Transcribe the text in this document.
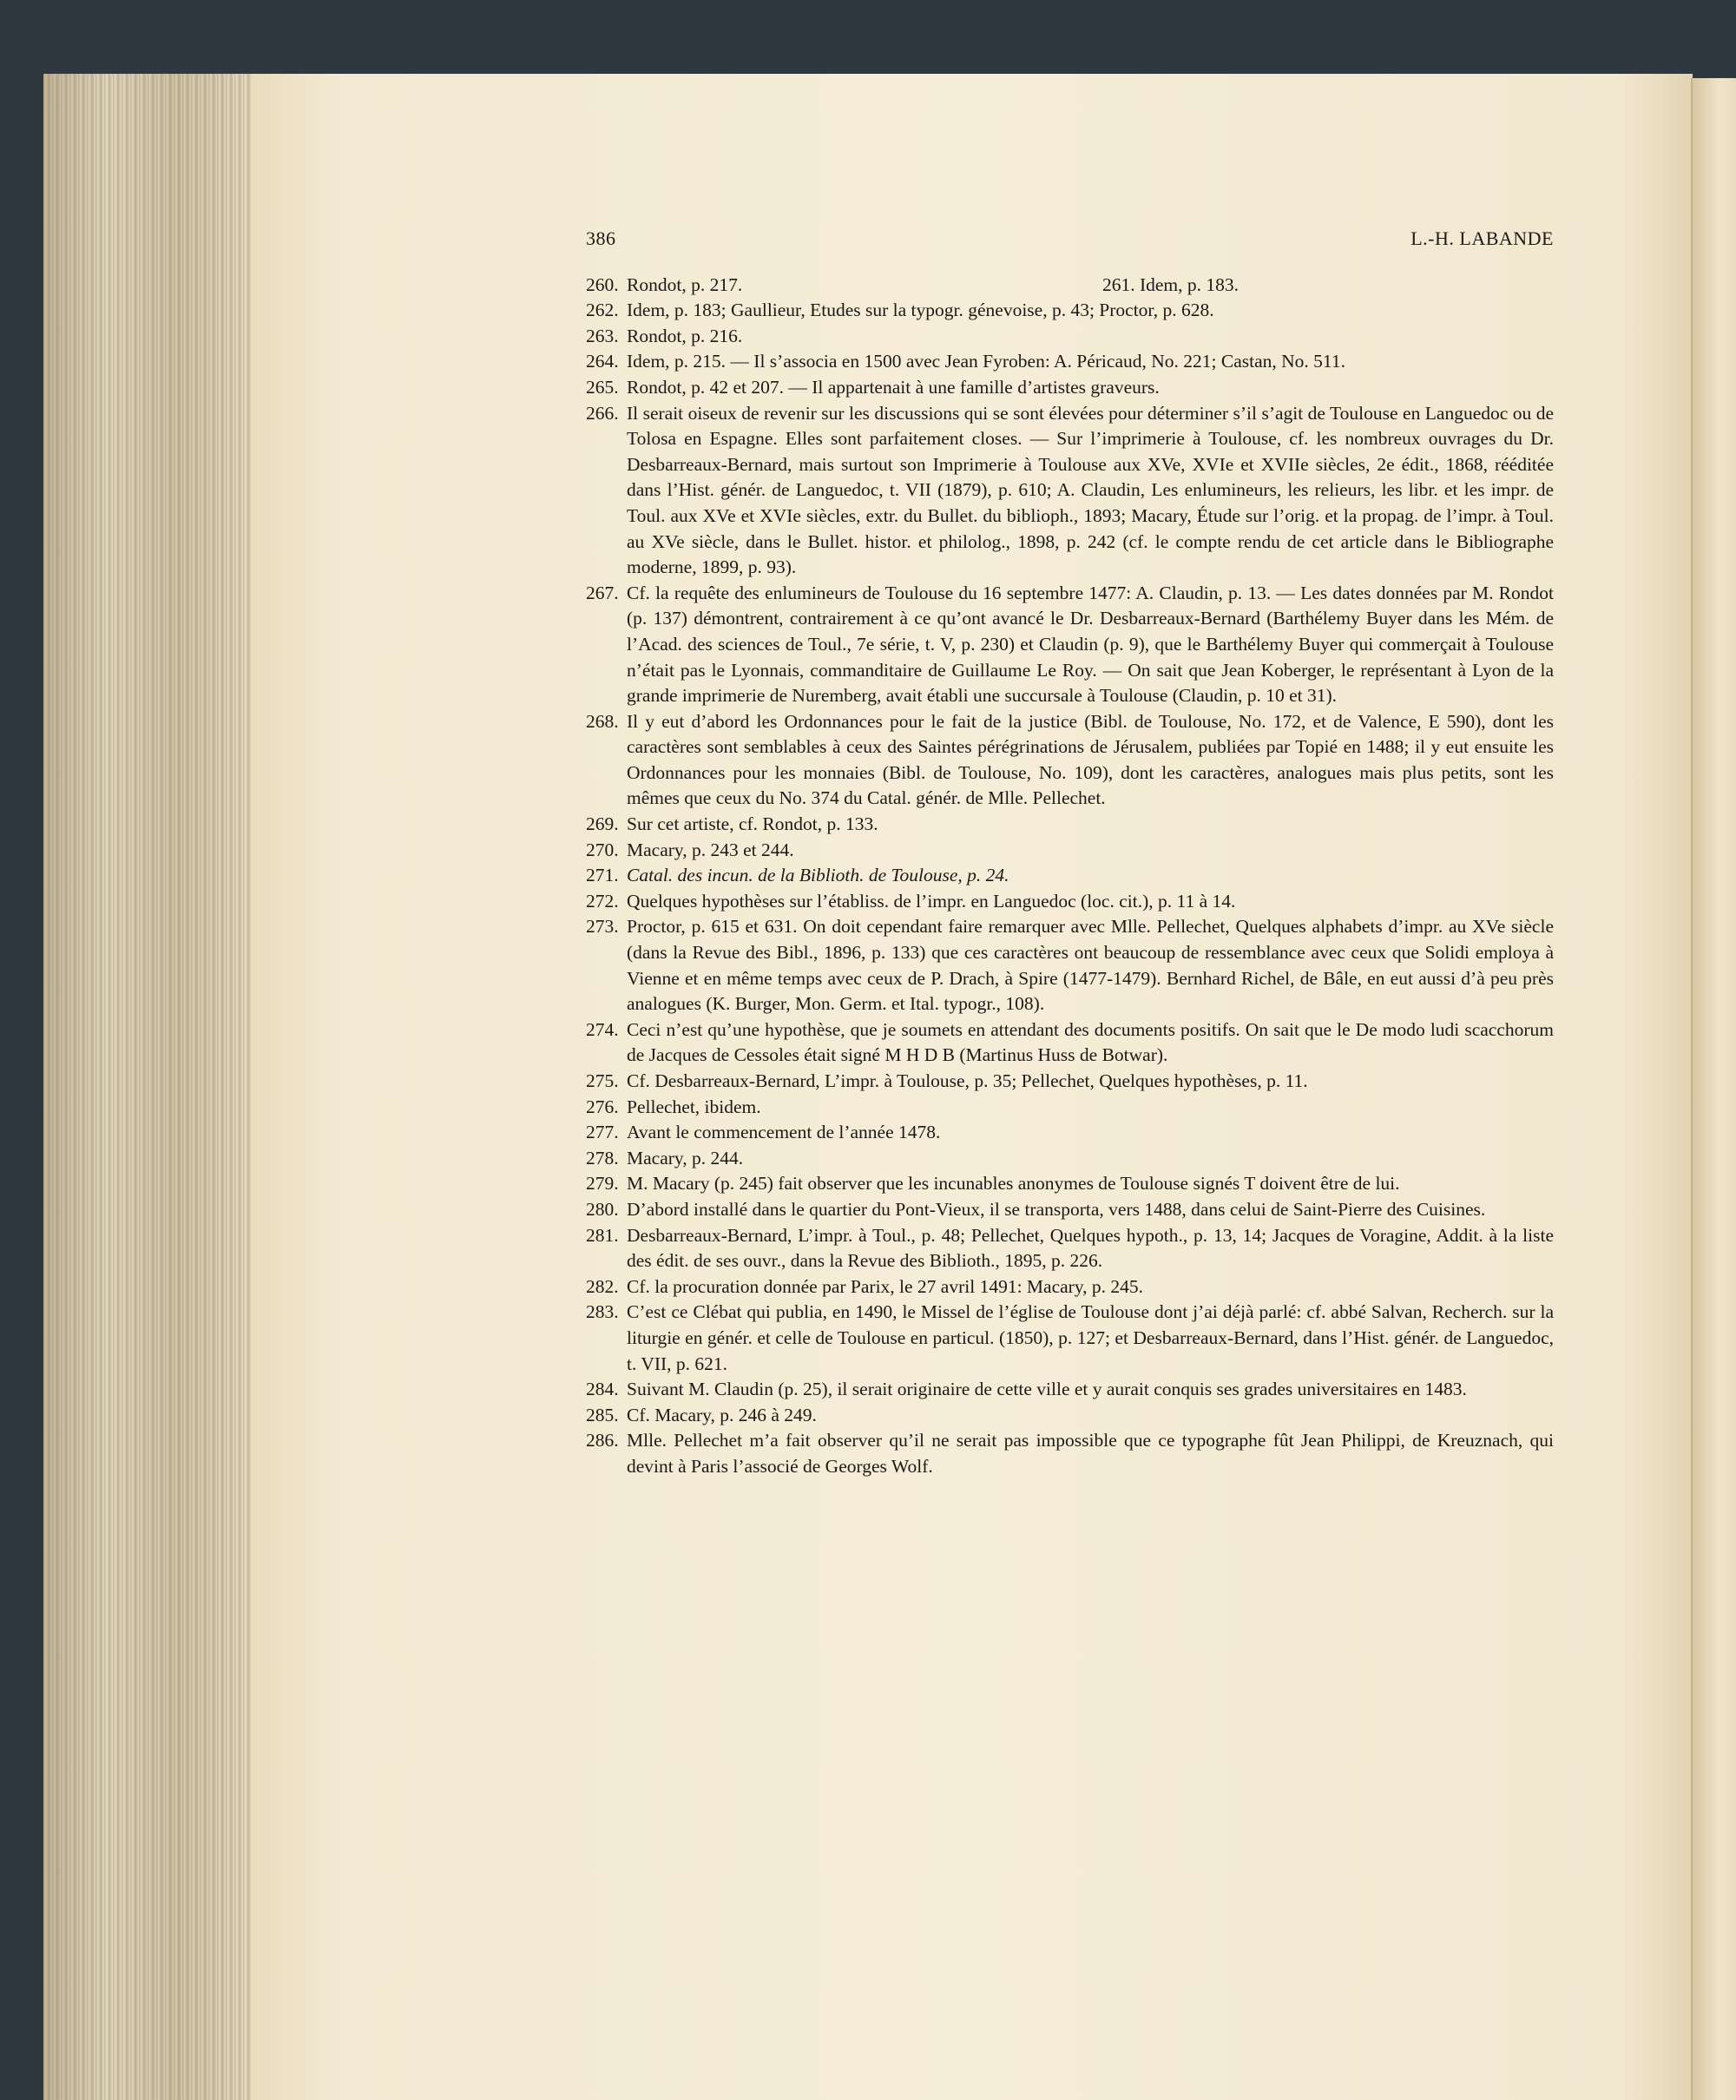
386	L.-H. LABANDE
260. Rondot, p. 217.	261. Idem, p. 183.
262. Idem, p. 183; Gaullieur, Etudes sur la typogr. génevoise, p. 43; Proctor, p. 628.
263. Rondot, p. 216.
264. Idem, p. 215. — Il s’associa en 1500 avec Jean Fyroben: A. Péricaud, No. 221; Castan, No. 511.
265. Rondot, p. 42 et 207. — Il appartenait à une famille d’artistes graveurs.
266. Il serait oiseux de revenir sur les discussions qui se sont élevées pour déterminer s’il s’agit de Toulouse en Languedoc ou de Tolosa en Espagne. Elles sont parfaitement closes. — Sur l’imprimerie à Toulouse, cf. les nombreux ouvrages du Dr. Desbarreaux-Bernard, mais surtout son Imprimerie à Toulouse aux XVe, XVIe et XVIIe siècles, 2e édit., 1868, rééditée dans l’Hist. génér. de Languedoc, t. VII (1879), p. 610; A. Claudin, Les enlumineurs, les relieurs, les libr. et les impr. de Toul. aux XVe et XVIe siècles, extr. du Bullet. du biblioph., 1893; Macary, Étude sur l’orig. et la propag. de l’impr. à Toul. au XVe siècle, dans le Bullet. histor. et philolog., 1898, p. 242 (cf. le compte rendu de cet article dans le Bibliographe moderne, 1899, p. 93).
267. Cf. la requête des enlumineurs de Toulouse du 16 septembre 1477: A. Claudin, p. 13. — Les dates données par M. Rondot (p. 137) démontrent, contrairement à ce qu’ont avancé le Dr. Desbarreaux-Bernard (Barthélemy Buyer dans les Mém. de l’Acad. des sciences de Toul., 7e série, t. V, p. 230) et Claudin (p. 9), que le Barthélemy Buyer qui commerçait à Toulouse n’était pas le Lyonnais, commanditaire de Guillaume Le Roy. — On sait que Jean Koberger, le représentant à Lyon de la grande imprimerie de Nuremberg, avait établi une succursale à Toulouse (Claudin, p. 10 et 31).
268. Il y eut d’abord les Ordonnances pour le fait de la justice (Bibl. de Toulouse, No. 172, et de Valence, E 590), dont les caractères sont semblables à ceux des Saintes pérégrinations de Jérusalem, publiées par Topié en 1488; il y eut ensuite les Ordonnances pour les monnaies (Bibl. de Toulouse, No. 109), dont les caractères, analogues mais plus petits, sont les mêmes que ceux du No. 374 du Catal. génér. de Mlle. Pellechet.
269. Sur cet artiste, cf. Rondot, p. 133.
270. Macary, p. 243 et 244.
271. Catal. des incun. de la Biblioth. de Toulouse, p. 24.
272. Quelques hypothèses sur l’établiss. de l’impr. en Languedoc (loc. cit.), p. 11 à 14.
273. Proctor, p. 615 et 631. On doit cependant faire remarquer avec Mlle. Pellechet, Quelques alphabets d’impr. au XVe siècle (dans la Revue des Bibl., 1896, p. 133) que ces caractères ont beaucoup de ressemblance avec ceux que Solidi employa à Vienne et en même temps avec ceux de P. Drach, à Spire (1477-1479). Bernhard Richel, de Bâle, en eut aussi d’à peu près analogues (K. Burger, Mon. Germ. et Ital. typogr., 108).
274. Ceci n’est qu’une hypothèse, que je soumets en attendant des documents positifs. On sait que le De modo ludi scacchorum de Jacques de Cessoles était signé M H D B (Martinus Huss de Botwar).
275. Cf. Desbarreaux-Bernard, L’impr. à Toulouse, p. 35; Pellechet, Quelques hypothèses, p. 11.
276. Pellechet, ibidem.
277. Avant le commencement de l’année 1478.
278. Macary, p. 244.
279. M. Macary (p. 245) fait observer que les incunables anonymes de Toulouse signés T doivent être de lui.
280. D’abord installé dans le quartier du Pont-Vieux, il se transporta, vers 1488, dans celui de Saint-Pierre des Cuisines.
281. Desbarreaux-Bernard, L’impr. à Toul., p. 48; Pellechet, Quelques hypoth., p. 13, 14; Jacques de Voragine, Addit. à la liste des édit. de ses ouvr., dans la Revue des Biblioth., 1895, p. 226.
282. Cf. la procuration donnée par Parix, le 27 avril 1491: Macary, p. 245.
283. C’est ce Clébat qui publia, en 1490, le Missel de l’église de Toulouse dont j’ai déjà parlé: cf. abbé Salvan, Recherch. sur la liturgie en génér. et celle de Toulouse en particul. (1850), p. 127; et Desbarreaux-Bernard, dans l’Hist. génér. de Languedoc, t. VII, p. 621.
284. Suivant M. Claudin (p. 25), il serait originaire de cette ville et y aurait conquis ses grades universitaires en 1483.
285. Cf. Macary, p. 246 à 249.
286. Mlle. Pellechet m’a fait observer qu’il ne serait pas impossible que ce typographe fût Jean Philippi, de Kreuznach, qui devint à Paris l’associé de Georges Wolf.
